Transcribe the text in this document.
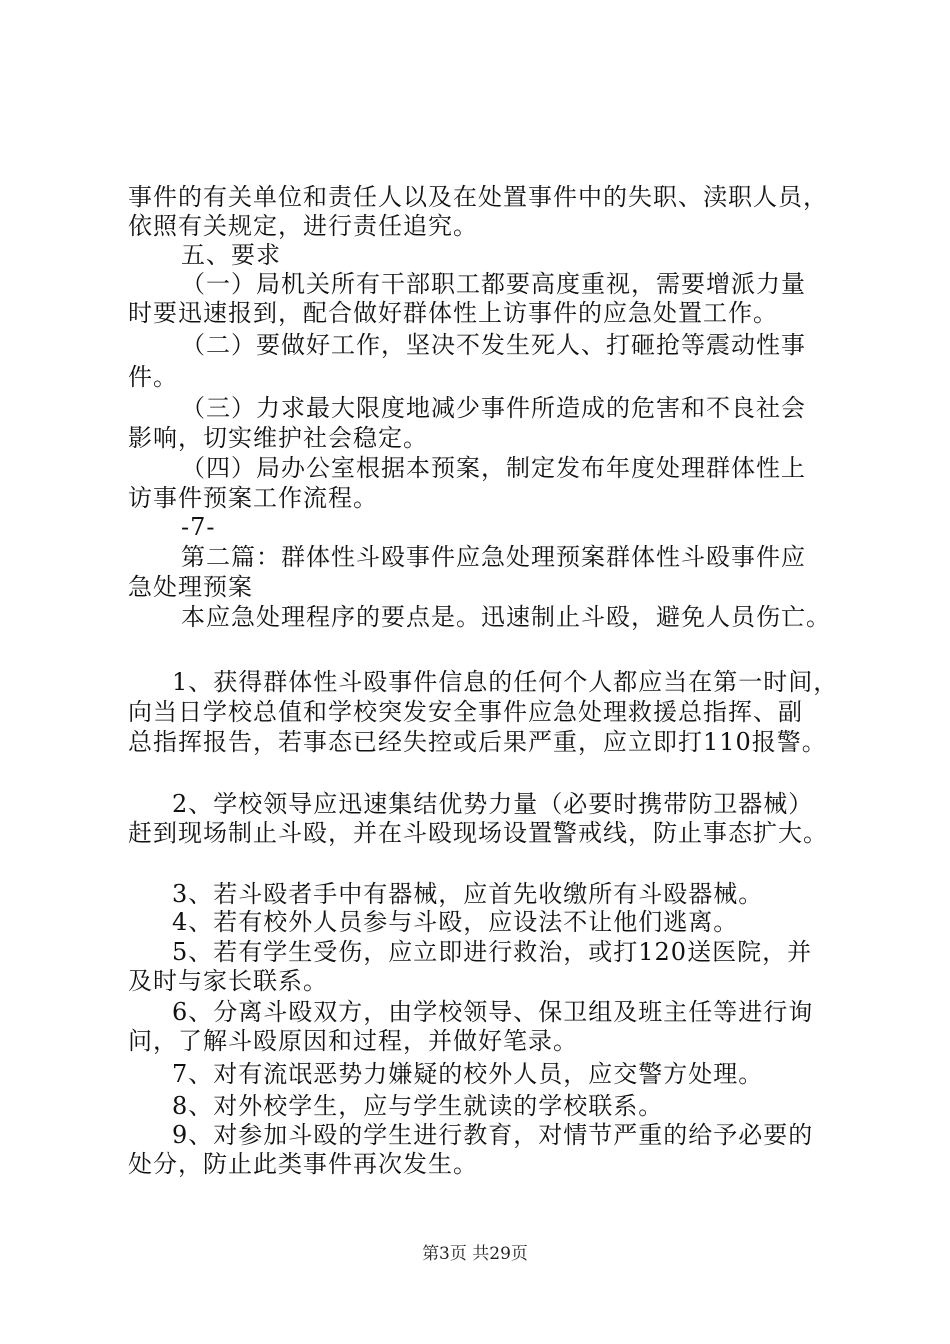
事件的有关单位和责任人以及在处置事件中的失职、渎职人员，
依照有关规定，进行责任追究。
五、要求
（一）局机关所有干部职工都要高度重视，需要增派力量
时要迅速报到，配合做好群体性上访事件的应急处置工作。
（二）要做好工作，坚决不发生死人、打砸抢等震动性事
件。
（三）力求最大限度地减少事件所造成的危害和不良社会
影响，切实维护社会稳定。
（四）局办公室根据本预案，制定发布年度处理群体性上
访事件预案工作流程。
-7-
第二篇：群体性斗殴事件应急处理预案群体性斗殴事件应
急处理预案
本应急处理程序的要点是。迅速制止斗殴，避免人员伤亡。
1、获得群体性斗殴事件信息的任何个人都应当在第一时间，
向当日学校总值和学校突发安全事件应急处理救援总指挥、副
总指挥报告，若事态已经失控或后果严重，应立即打110报警。
2、学校领导应迅速集结优势力量（必要时携带防卫器械）
赶到现场制止斗殴，并在斗殴现场设置警戒线，防止事态扩大。
3、若斗殴者手中有器械，应首先收缴所有斗殴器械。
4、若有校外人员参与斗殴，应设法不让他们逃离。
5、若有学生受伤，应立即进行救治，或打120送医院，并
及时与家长联系。
6、分离斗殴双方，由学校领导、保卫组及班主任等进行询
问，了解斗殴原因和过程，并做好笔录。
7、对有流氓恶势力嫌疑的校外人员，应交警方处理。
8、对外校学生，应与学生就读的学校联系。
9、对参加斗殴的学生进行教育，对情节严重的给予必要的
处分，防止此类事件再次发生。
第3页 共29页
